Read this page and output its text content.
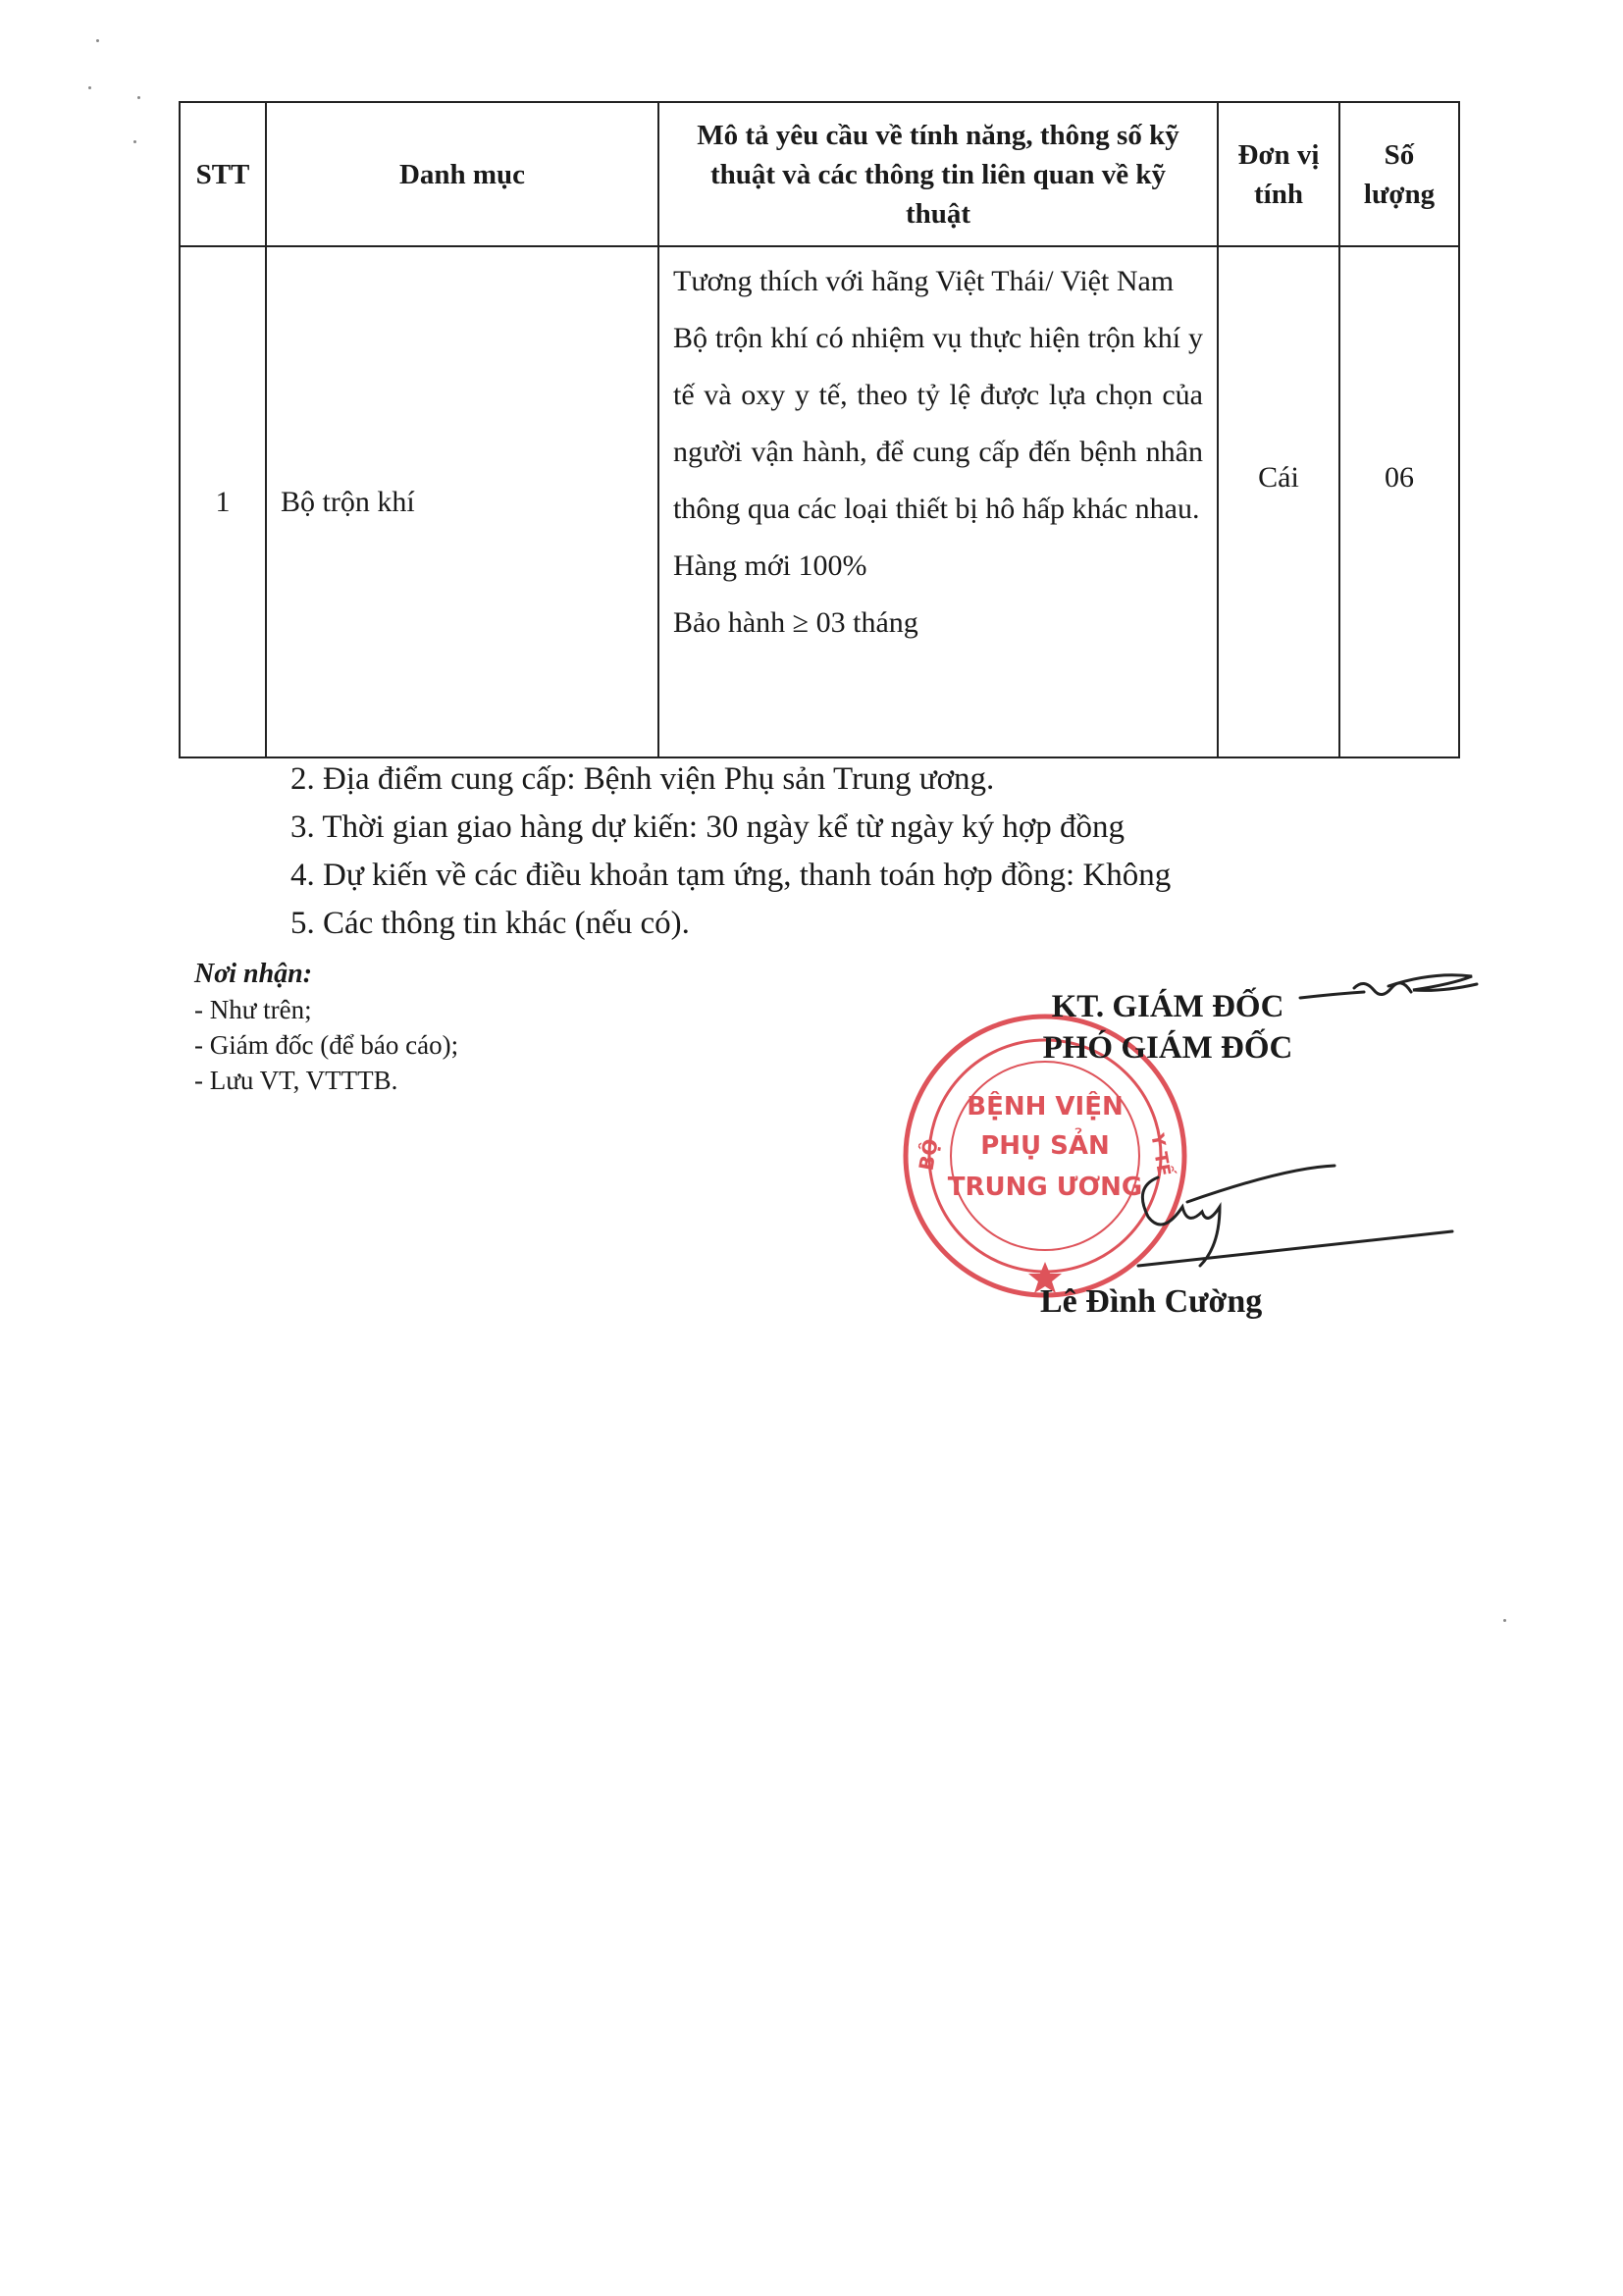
STT	Danh mục	Mô tả yêu cầu về tính năng, thông số kỹ thuật và các thông tin liên quan về kỹ thuật	Đơn vị tính	Số lượng
1	Bộ trộn khí	Tương thích với hãng Việt Thái/ Việt Nam

Bộ trộn khí có nhiệm vụ thực hiện trộn khí y tế và oxy y tế, theo tỷ lệ được lựa chọn của người vận hành, để cung cấp đến bệnh nhân thông qua các loại thiết bị hô hấp khác nhau.

Hàng mới 100%

Bảo hành ≥ 03 tháng	Cái	06
2. Địa điểm cung cấp: Bệnh viện Phụ sản Trung ương.
3. Thời gian giao hàng dự kiến: 30 ngày kể từ ngày ký hợp đồng
4. Dự kiến về các điều khoản tạm ứng, thanh toán hợp đồng: Không
5. Các thông tin khác (nếu có).
Nơi nhận:
- Như trên;
- Giám đốc (để báo cáo);
- Lưu VT, VTTTB.
BỘ	Y TẾ
BỆNH VIỆN
PHỤ SẢN
TRUNG ƯƠNG
KT. GIÁM ĐỐC
PHÓ GIÁM ĐỐC
Lê Đình Cường
